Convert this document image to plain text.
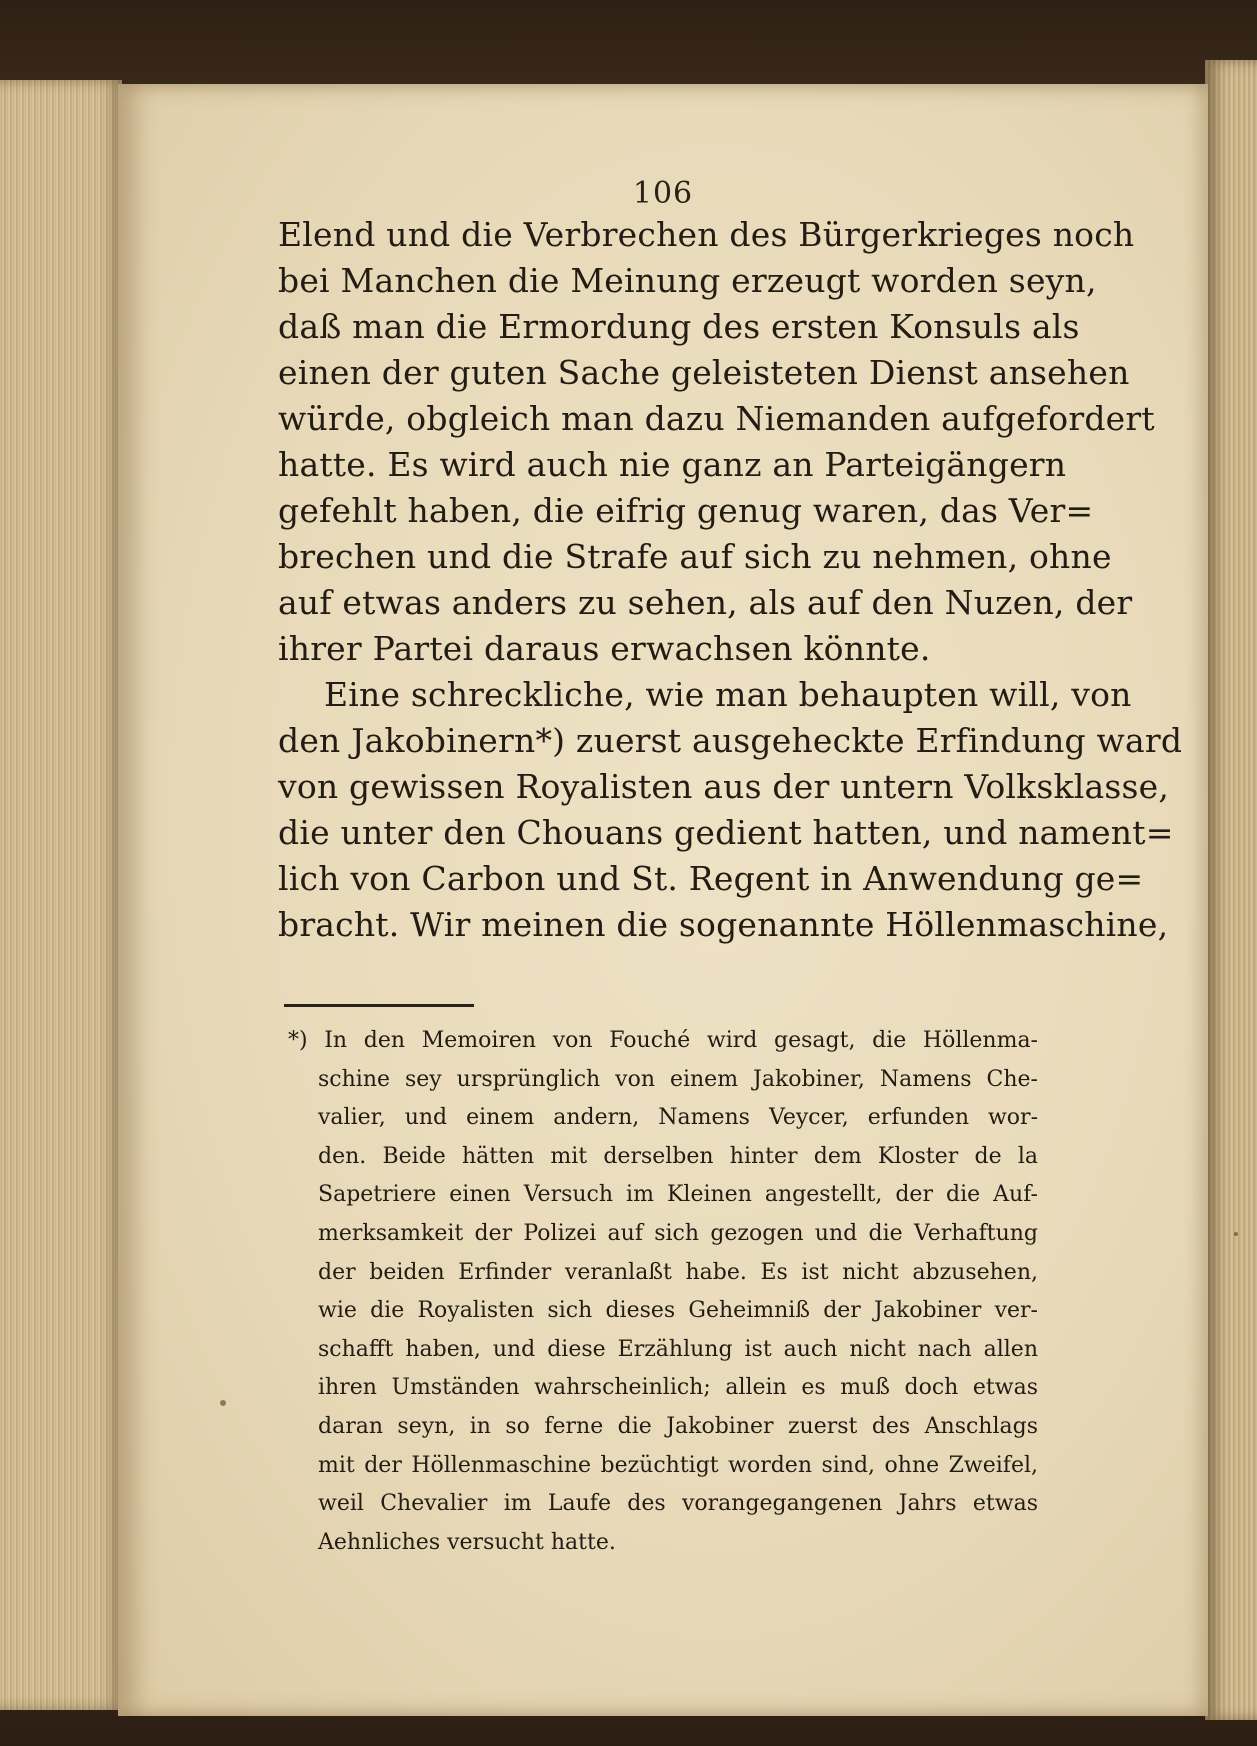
106
Elend und die Verbrechen des Bürgerkrieges noch
bei Manchen die Meinung erzeugt worden seyn,
daß man die Ermordung des ersten Konsuls als
einen der guten Sache geleisteten Dienst ansehen
würde, obgleich man dazu Niemanden aufgefordert
hatte. Es wird auch nie ganz an Parteigängern
gefehlt haben, die eifrig genug waren, das Ver=
brechen und die Strafe auf sich zu nehmen, ohne
auf etwas anders zu sehen, als auf den Nuzen, der
ihrer Partei daraus erwachsen könnte.
Eine schreckliche, wie man behaupten will, von
den Jakobinern*) zuerst ausgeheckte Erfindung ward
von gewissen Royalisten aus der untern Volksklasse,
die unter den Chouans gedient hatten, und nament=
lich von Carbon und St. Regent in Anwendung ge=
bracht. Wir meinen die sogenannte Höllenmaschine,
*) In den Memoiren von Fouché wird gesagt, die Höllenma-
schine sey ursprünglich von einem Jakobiner, Namens Che-
valier, und einem andern, Namens Veycer, erfunden wor-
den. Beide hätten mit derselben hinter dem Kloster de la
Sapetriere einen Versuch im Kleinen angestellt, der die Auf-
merksamkeit der Polizei auf sich gezogen und die Verhaftung
der beiden Erfinder veranlaßt habe. Es ist nicht abzusehen,
wie die Royalisten sich dieses Geheimniß der Jakobiner ver-
schafft haben, und diese Erzählung ist auch nicht nach allen
ihren Umständen wahrscheinlich; allein es muß doch etwas
daran seyn, in so ferne die Jakobiner zuerst des Anschlags
mit der Höllenmaschine bezüchtigt worden sind, ohne Zweifel,
weil Chevalier im Laufe des vorangegangenen Jahrs etwas
Aehnliches versucht hatte.
